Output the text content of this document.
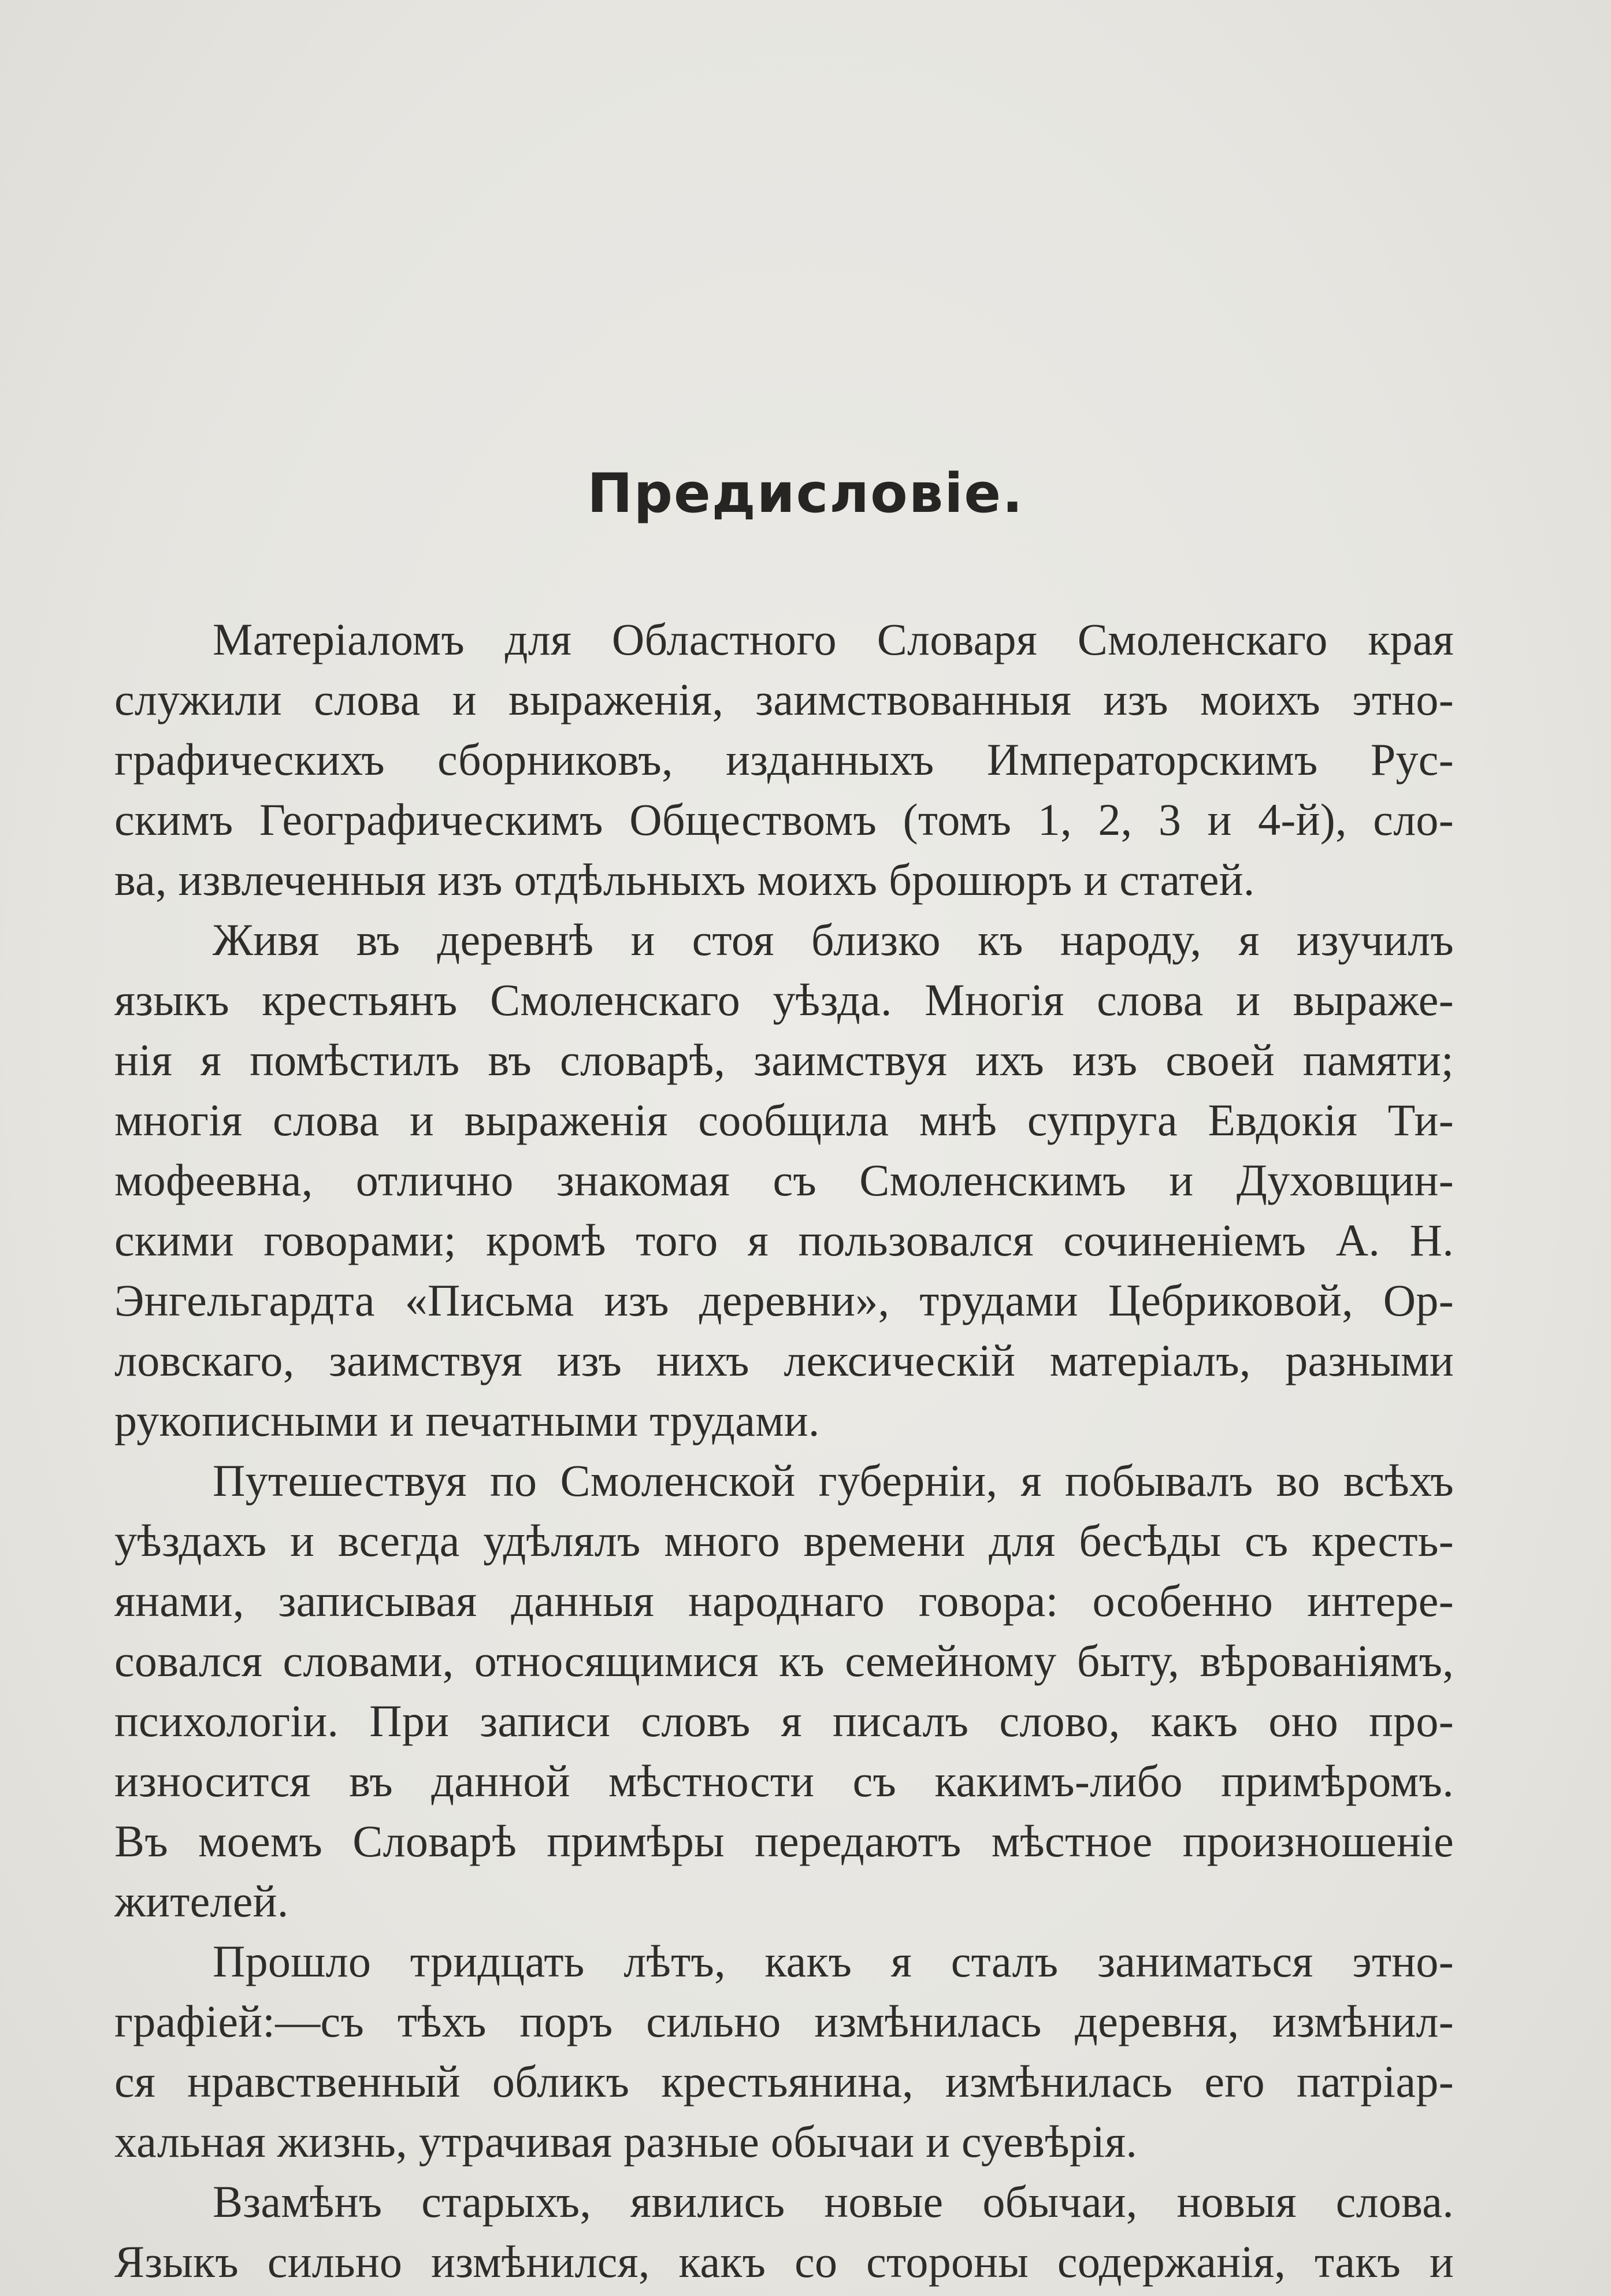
Предисловіе.
Матеріаломъ для Областного Словаря Смоленскаго края
служили слова и выраженія, заимствованныя изъ моихъ этно-
графическихъ сборниковъ, изданныхъ Императорскимъ Рус-
скимъ Географическимъ Обществомъ (томъ 1, 2, 3 и 4-й), сло-
ва, извлеченныя изъ отдѣльныхъ моихъ брошюръ и статей.
Живя въ деревнѣ и стоя близко къ народу, я изучилъ
языкъ крестьянъ Смоленскаго уѣзда. Многія слова и выраже-
нія я помѣстилъ въ словарѣ, заимствуя ихъ изъ своей памяти;
многія слова и выраженія сообщила мнѣ супруга Евдокія Ти-
мофеевна, отлично знакомая съ Смоленскимъ и Духовщин-
скими говорами; кромѣ того я пользовался сочиненіемъ А. Н.
Энгельгардта «Письма изъ деревни», трудами Цебриковой, Ор-
ловскаго, заимствуя изъ нихъ лексическій матеріалъ, разными
рукописными и печатными трудами.
Путешествуя по Смоленской губерніи, я побывалъ во всѣхъ
уѣздахъ и всегда удѣлялъ много времени для бесѣды съ кресть-
янами, записывая данныя народнаго говора: особенно интере-
совался словами, относящимися къ семейному быту, вѣрованіямъ,
психологіи. При записи словъ я писалъ слово, какъ оно про-
износится въ данной мѣстности съ какимъ-либо примѣромъ.
Въ моемъ Словарѣ примѣры передаютъ мѣстное произношеніе
жителей.
Прошло тридцать лѣтъ, какъ я сталъ заниматься этно-
графіей:—съ тѣхъ поръ сильно измѣнилась деревня, измѣнил-
ся нравственный обликъ крестьянина, измѣнилась его патріар-
хальная жизнь, утрачивая разные обычаи и суевѣрія.
Взамѣнъ старыхъ, явились новые обычаи, новыя слова.
Языкъ сильно измѣнился, какъ со стороны содержанія, такъ и
